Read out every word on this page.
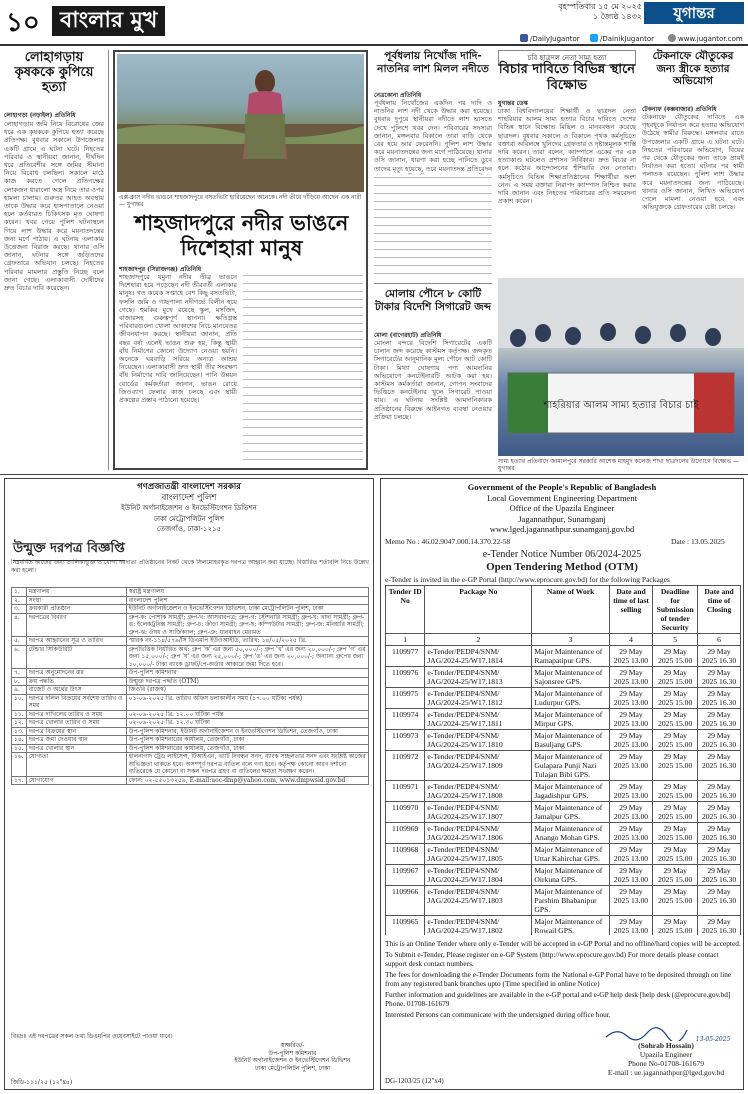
১০ বাংলার মুখ
বৃহস্পতিবার ১৫ মে ২০২৫
১ জ্যৈষ্ঠ ১৪৩২	যুগান্তর
/DailyJugantor	/DainikJugantor	www.jugantor.com
লোহাগড়ায় কৃষককে কুপিয়ে হত্যা
লোহাগড়া (নড়াইল) প্রতিনিধি
লোহাগড়ায় জমি নিয়ে বিরোধের জের ধরে এক কৃষককে কুপিয়ে হত্যা করেছে প্রতিপক্ষ। বুধবার সকালে উপজেলার একটি গ্রামে এ ঘটনা ঘটে। নিহতের পরিবার ও স্থানীয়রা জানান, দীর্ঘদিন ধরে প্রতিবেশীর সঙ্গে জমির সীমানা নিয়ে বিরোধ চলছিল। সকালে মাঠে কাজ করতে গেলে প্রতিপক্ষের লোকজন ধারালো অস্ত্র নিয়ে তার ওপর হামলা চালায়। গুরুতর আহত অবস্থায় তাকে উদ্ধার করে হাসপাতালে নেওয়া হলে কর্তব্যরত চিকিৎসক মৃত ঘোষণা করেন। খবর পেয়ে পুলিশ ঘটনাস্থলে গিয়ে লাশ উদ্ধার করে ময়নাতদন্তের জন্য মর্গে পাঠায়। এ ঘটনায় এলাকায় উত্তেজনা বিরাজ করছে। থানার ওসি জানান, ঘটনার সঙ্গে জড়িতদের গ্রেফতারে অভিযান চলছে। নিহতের পরিবার মামলার প্রস্তুতি নিচ্ছে বলে জানা গেছে। এলাকাবাসী দোষীদের দ্রুত বিচার দাবি করেছেন।
এক্স-ক্লাস নদীর ভাঙনে শাহজাদপুরে বসতভিটা হারিয়েছেন অনেকে। নদী তীরে দাঁড়িয়ে আছেন এক নারী — যুগান্তর
শাহজাদপুরে নদীর ভাঙনে
দিশেহারা মানুষ
শাহজাদপুর (সিরাজগঞ্জ) প্রতিনিধি
শাহজাদপুরে যমুনা নদীর তীব্র ভাঙনে দিশেহারা হয়ে পড়েছেন নদী তীরবর্তী এলাকার মানুষ। গত কয়েক সপ্তাহে বেশ কিছু বসতভিটা, ফসলি জমি ও গাছপালা নদীগর্ভে বিলীন হয়ে গেছে। হুমকির মুখে রয়েছে স্কুল, মসজিদ, বাজারসহ গুরুত্বপূর্ণ স্থাপনা। ক্ষতিগ্রস্ত পরিবারগুলো খোলা আকাশের নিচে মানবেতর জীবনযাপন করছে। স্থানীয়রা জানান, প্রতি বছর বর্ষা এলেই ভাঙন শুরু হয়, কিন্তু স্থায়ী বাঁধ নির্মাণের কোনো উদ্যোগ নেওয়া হয়নি। অনেকে ঘরবাড়ি সরিয়ে অন্যত্র আশ্রয় নিয়েছেন। এলাকাবাসী দ্রুত স্থায়ী তীর সংরক্ষণ বাঁধ নির্মাণের দাবি জানিয়েছেন। পানি উন্নয়ন বোর্ডের কর্মকর্তারা জানান, ভাঙন রোধে জিওব্যাগ ফেলার কাজ চলছে এবং স্থায়ী প্রকল্পের প্রস্তাব পাঠানো হয়েছে।
পূর্বধলায় নিখোঁজ দাদি-নাতনির লাশ মিলল নদীতে
নেত্রকোনা প্রতিনিধি
পূর্বধলায় নিখোঁজের একদিন পর দাদি ও নাতনির লাশ নদী থেকে উদ্ধার করা হয়েছে। বুধবার দুপুরে স্থানীয়রা নদীতে লাশ ভাসতে দেখে পুলিশে খবর দেন। পরিবারের সদস্যরা জানান, মঙ্গলবার বিকালে তারা বাড়ি থেকে বের হয়ে আর ফেরেননি। পুলিশ লাশ উদ্ধার করে ময়নাতদন্তের জন্য মর্গে পাঠিয়েছে। থানার ওসি জানান, ধারণা করা হচ্ছে পানিতে ডুবে তাদের মৃত্যু হয়েছে, তবে ময়নাতদন্ত প্রতিবেদন
মোলায় পৌনে ৮ কোটি টাকার বিদেশি সিগারেট জব্দ
মোলা (বাগেরহাট) প্রতিনিধি
মোংলা বন্দরে বিদেশি সিগারেটের একটি চালান জব্দ করেছে কাস্টমস কর্তৃপক্ষ। জব্দকৃত সিগারেটের আনুমানিক মূল্য পৌনে আট কোটি টাকা। মিথ্যা ঘোষণায় পণ্য আমদানির অভিযোগে কনটেইনারটি আটক করা হয়। কাস্টমস কর্মকর্তারা জানান, গোপন সংবাদের ভিত্তিতে কনটেইনার খুলে সিগারেট পাওয়া যায়। এ ঘটনায় সংশ্লিষ্ট আমদানিকারক প্রতিষ্ঠানের বিরুদ্ধে আইনগত ব্যবস্থা নেওয়ার প্রক্রিয়া চলছে।
চবি ছাত্রদল নেতা সাম্য হত্যা
বিচার দাবিতে বিভিন্ন স্থানে বিক্ষোভ
যুগান্তর ডেস্ক
ঢাকা বিশ্ববিদ্যালয়ের শিক্ষার্থী ও ছাত্রদল নেতা শাহরিয়ার আলম সাম্য হত্যার বিচার দাবিতে দেশের বিভিন্ন স্থানে বিক্ষোভ মিছিল ও মানববন্ধন করেছে ছাত্রদল। বুধবার সকালে ও বিকালে পৃথক কর্মসূচিতে বক্তারা অবিলম্বে খুনিদের গ্রেফতার ও দৃষ্টান্তমূলক শাস্তি দাবি করেন। তারা বলেন, ক্যাম্পাসে একের পর এক হত্যাকাণ্ড ঘটলেও প্রশাসন নির্বিকার। দ্রুত বিচার না হলে কঠোর আন্দোলনের হুঁশিয়ারি দেন নেতারা। কর্মসূচিতে বিভিন্ন শিক্ষাপ্রতিষ্ঠানের শিক্ষার্থীরা অংশ নেন। এ সময় বক্তারা নিরাপদ ক্যাম্পাস নিশ্চিত করার দাবি জানান এবং নিহতের পরিবারের প্রতি সমবেদনা প্রকাশ করেন।
টেকনাফে যৌতুকের জন্য স্ত্রীকে হত্যার অভিযোগ
টেকনাফ (কক্সবাজার) প্রতিনিধি
টেকনাফে যৌতুকের দাবিতে এক গৃহবধূকে নির্যাতন করে হত্যার অভিযোগ উঠেছে স্বামীর বিরুদ্ধে। মঙ্গলবার রাতে উপজেলার একটি গ্রামে এ ঘটনা ঘটে। নিহতের পরিবারের অভিযোগ, বিয়ের পর থেকে যৌতুকের জন্য তাকে প্রায়ই নির্যাতন করা হতো। ঘটনার পর স্বামী পলাতক রয়েছেন। পুলিশ লাশ উদ্ধার করে ময়নাতদন্তের জন্য পাঠিয়েছে। থানার ওসি জানান, লিখিত অভিযোগ পেলে মামলা নেওয়া হবে এবং অভিযুক্তকে গ্রেফতারের চেষ্টা চলছে।
শাহরিয়ার আলম সাম্য হত্যার বিচার চাই
সাম্য হত্যার প্রতিবাদে জামালপুরে সরকারি আশেক মাহমুদ কলেজ শাখা ছাত্রদলের উদ্যোগে বিক্ষোভ — যুগান্তর
গণপ্রজাতন্ত্রী বাংলাদেশ সরকার
বাংলাদেশ পুলিশ
ইউনিট অর্গানাইজেশন ও ইনভেস্টিগেশন ডিভিশন
ঢাকা মেট্রোপলিটন পুলিশ
তেজগাঁও, ঢাকা-১২১৫
উন্মুক্ত দরপত্র বিজ্ঞপ্তি
নিম্নবর্ণিত কাজের জন্য তালিকাভুক্ত ও যোগ্য দরদাতা প্রতিষ্ঠানের নিকট থেকে সিলমোহরকৃত দরপত্র আহ্বান করা যাচ্ছে। বিস্তারিত শর্তাবলি নিচে উল্লেখ করা হলো।
১.	মন্ত্রণালয়	স্বরাষ্ট্র মন্ত্রণালয়
২.	সংস্থা	বাংলাদেশ পুলিশ
৩.	ক্রয়কারী প্রতিষ্ঠান	ইউনিট অর্গানাইজেশন ও ইনভেস্টিগেশন ডিভিশন, ঢাকা মেট্রোপলিটন পুলিশ, ঢাকা
৪.	দরপত্রের বিবরণ	গ্রুপ-ক: পোশাক সামগ্রী; গ্রুপ-খ: আসবাবপত্র; গ্রুপ-গ: স্টেশনারি সামগ্রী; গ্রুপ-ঘ: খাদ্য সামগ্রী; গ্রুপ-ঙ: ইলেকট্রনিক্স সামগ্রী; গ্রুপ-চ: ক্রীড়া সামগ্রী; গ্রুপ-ছ: কম্পিউটার সামগ্রী; গ্রুপ-জ: মনিহারি সামগ্রী; গ্রুপ-ঝ: ঔষধ ও সার্জিক্যাল; গ্রুপ-ঞ: যানবাহন মেরামত
৫.	দরপত্র আহ্বানের সূত্র ও তারিখ	স্মারক নং-১১৪/৫৭৯/সি ডিএমপি ইউওআইডি, তারিখ: ১৪/০৫/২০২৫ খ্রি.
৬.	টেন্ডার সিকিউরিটি	গ্রুপভিত্তিক নির্ধারিত অর্থ: গ্রুপ 'ক' এর জন্য ৫০,০০০/-; গ্রুপ 'খ' এর জন্য ২০,০০০/-; গ্রুপ 'গ' এর জন্য ১৫,০০০/-; গ্রুপ 'ঘ' এর জন্য ২৫,০০০/-; গ্রুপ 'ঙ' এর জন্য ২০,০০০/-; অন্যান্য গ্রুপের জন্য ১০,০০০/- টাকা ব্যাংক ড্রাফট/পে-অর্ডার আকারে জমা দিতে হবে।
৭.	দরপত্র অনুমোদনের স্তর	উপ-পুলিশ কমিশনার
৮.	ক্রয় পদ্ধতি	উন্মুক্ত দরপত্র পদ্ধতি (OTM)
৯.	বাজেট ও অর্থের উৎস	জিওবি (রাজস্ব)
১০.	দরপত্র দলিল বিক্রয়ের সর্বশেষ তারিখ ও সময়	০১-০৬-২০২৫ খ্রি. তারিখ অফিস চলাকালীন সময় (১৭.০০ ঘটিকা পর্যন্ত)
১১.	দরপত্র দাখিলের তারিখ ও সময়	০২-০৬-২০২৫ খ্রি. ১২.০০ ঘটিকা পর্যন্ত
১২.	দরপত্র খোলার তারিখ ও সময়	০২-০৬-২০২৫ খ্রি. ১২.৩০ ঘটিকা
১৩.	দরপত্র বিক্রয়ের স্থান	উপ-পুলিশ কমিশনার, ইউনিট অর্গানাইজেশন ও ইনভেস্টিগেশন ডিভিশন, তেজগাঁও, ঢাকা
১৪.	দরপত্র জমা দেওয়ার স্থান	উপ-পুলিশ কমিশনারের কার্যালয়, তেজগাঁও, ঢাকা
১৫.	দরপত্র খোলার স্থান	উপ-পুলিশ কমিশনারের কার্যালয়, তেজগাঁও, ঢাকা
১৬.	যোগ্যতা	হালনাগাদ ট্রেড লাইসেন্স, টিআইএন, ভ্যাট নিবন্ধন সনদ, ব্যাংক সচ্ছলতার সনদ এবং সংশ্লিষ্ট কাজের অভিজ্ঞতা থাকতে হবে। অসম্পূর্ণ দরপত্র বাতিল বলে গণ্য হবে। কর্তৃপক্ষ কোনো কারণ দর্শানো ব্যতিরেকে যে কোনো বা সকল দরপত্র গ্রহণ বা বাতিলের ক্ষমতা সংরক্ষণ করেন।
১৭.	যোগাযোগ	ফোন: ০২-৫৫০১৩২৫৯, E-mail:uoc-dmp@yahoo.com, www.dmpwsid.gov.bd
বিঃদ্রঃ এই দরপত্রের সকল তথ্য ডিএমপির ওয়েবসাইটে পাওয়া যাবে।
স্বাক্ষরিত/-
উপ-পুলিশ কমিশনার
ইউনিট অর্গানাইজেশন ও ইনভেস্টিগেশন ডিভিশন
ঢাকা মেট্রোপলিটন পুলিশ, ঢাকা
জিডি-১১১/২৫ (১২"x৪)
Government of the People's Republic of Bangladesh
Local Government Engineering Department
Office of the Upazila Engineer
Jagannathpur, Sunamganj
www.lged.jagannathpur.sunamganj.gov.bd
Memo No : 46.02.9047.000.14.370.22-58	Date : 13.05.2025
e-Tender Notice Number 06/2024-2025
Open Tendering Method (OTM)
e-Tender is invited in the e-GP Portal (http://www.eprocure.gov.bd) for the following Packages
Tender ID No	Package No	Name of Work	Date and time of last selling	Deadline for Submission of tender Security	Date and time of Closing
1	2	3	4	5	6
1109977	e-Tender/PEDP4/SNM/ JAG/2024-25/W17.1814	Major Maintenance of Ramapatipur GPS.	29 May 2025 13.00	29 May 2025 15.00	29 May 2025 16.30
1109976	e-Tender/PEDP4/SNM/ JAG/2024-25/W17.1813	Major Maintenance of Sajonsree GPS.	29 May 2025 13.00	29 May 2025 15.00	29 May 2025 16.30
1109975	e-Tender/PEDP4/SNM/ JAG/2024-25/W17.1812	Major Maintenance of Ludurpur GPS.	29 May 2025 13.00	29 May 2025 15.00	29 May 2025 16.30
1109974	e-Tender/PEDP4/SNM/ JAG/2024-25/W17.1811	Major Maintenance of Mirpur GPS.	29 May 2025 13.00	29 May 2025 15.00	29 May 2025 16.30
1109973	e-Tender/PEDP4/SNM/ JAG/2024-25/W17.1810	Major Maintenance of Basuljang GPS.	29 May 2025 13.00	29 May 2025 15.00	29 May 2025 16.30
1109972	e-Tender/PEDP4/SNM/ JAG/2024-25/W17.1809	Major Maintenance of Gulapara Punji Nazi Tulajan Bibi GPS.	29 May 2025 13.00	29 May 2025 15.00	29 May 2025 16.30
1109971	e-Tender/PEDP4/SNM/ JAG/2024-25/W17.1808	Major Maintenance of Jagadishpur GPS.	29 May 2025 13.00	29 May 2025 15.00	29 May 2025 16.30
1109970	e-Tender/PEDP4/SNM/ JAG/2024-25/W17.1807	Major Maintenance of Jamalpur GPS.	29 May 2025 13.00	29 May 2025 15.00	29 May 2025 16.30
1109969	e-Tender/PEDP4/SNM/ JAG/2024-25/W17.1806	Major Maintenance of Anango Mohan GPS.	29 May 2025 13.00	29 May 2025 15.00	29 May 2025 16.30
1109968	e-Tender/PEDP4/SNM/ JAG/2024-25/W17.1805	Major Maintenance of Uttar Kahirchar GPS.	29 May 2025 13.00	29 May 2025 15.00	29 May 2025 16.30
1109967	e-Tender/PEDP4/SNM/ JAG/2024-25/W17.1804	Major Maintenance of Oirkuna GPS.	29 May 2025 13.00	29 May 2025 15.00	29 May 2025 16.30
1109966	e-Tender/PEDP4/SNM/ JAG/2024-25/W17.1803	Major Maintenance of Parshim Bhabanipur GPS.	29 May 2025 13.00	29 May 2025 15.00	29 May 2025 16.30
1109965	e-Tender/PEDP4/SNM/ JAG/2024-25/W17.1802	Major Maintenance of Rowail GPS.	29 May 2025 13.00	29 May 2025 15.00	29 May 2025 16.30

This is an Online Tender where only e-Tender will be accepted in e-GP Portal and no offline/hard copies will be accepted.

To Submit e-Tender, Please register on e-GP System (http://www.eprocure.gov.bd) For more details please contact support desk contact numbers.

The fees for downloading the e-Tender Documents form the National e-GP Portal have to be deposited through on line from any registered bank branches upto (Time specified in online Notice)

Further information and guidelines are available in the e-GP portal and e-GP help desk [help desk (@eprocure.gov.bd] Phone. 01708-161679

Interested Persons can communicate with the undersigned during office hour.

13-05-2025
(Sohrab Hossain)
Upazila Engineer
Phone No-01708-161679
E-mail : ue.jagannathpur@lged.gov.bd
DG-1203/25 (12"x4)
